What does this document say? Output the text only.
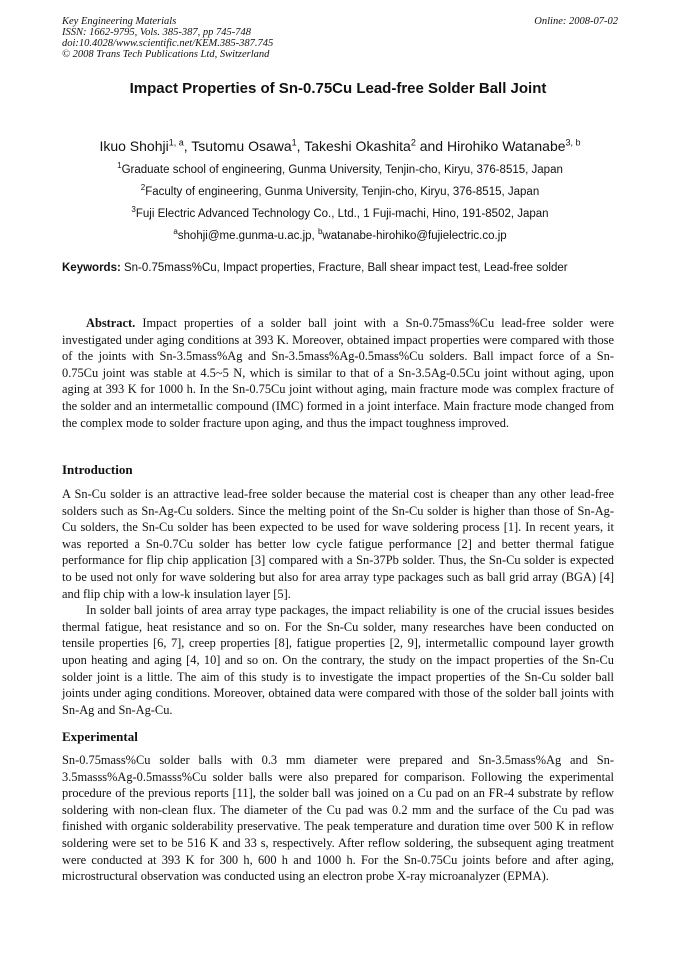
Key Engineering Materials
ISSN: 1662-9795, Vols. 385-387, pp 745-748
doi:10.4028/www.scientific.net/KEM.385-387.745
© 2008 Trans Tech Publications Ltd, Switzerland
Online: 2008-07-02
Impact Properties of Sn-0.75Cu Lead-free Solder Ball Joint
Ikuo Shohji$^{1, a}$, Tsutomu Osawa$^1$, Takeshi Okashita$^2$ and Hirohiko Watanabe$^{3, b}$
$^1$Graduate school of engineering, Gunma University, Tenjin-cho, Kiryu, 376-8515, Japan
$^2$Faculty of engineering, Gunma University, Tenjin-cho, Kiryu, 376-8515, Japan
$^3$Fuji Electric Advanced Technology Co., Ltd., 1 Fuji-machi, Hino, 191-8502, Japan
$^a$shohji@me.gunma-u.ac.jp, $^b$watanabe-hirohiko@fujielectric.co.jp
Keywords: Sn-0.75mass%Cu, Impact properties, Fracture, Ball shear impact test, Lead-free solder

Abstract. Impact properties of a solder ball joint with a Sn-0.75mass%Cu lead-free solder were investigated under aging conditions at 393 K. Moreover, obtained impact properties were compared with those of the joints with Sn-3.5mass%Ag and Sn-3.5mass%Ag-0.5mass%Cu solders. Ball impact force of a Sn-0.75Cu joint was stable at 4.5~5 N, which is similar to that of a Sn-3.5Ag-0.5Cu joint without aging, upon aging at 393 K for 1000 h. In the Sn-0.75Cu joint without aging, main fracture mode was complex fracture of the solder and an intermetallic compound (IMC) formed in a joint interface. Main fracture mode changed from the complex mode to solder fracture upon aging, and thus the impact toughness improved.

Introduction

A Sn-Cu solder is an attractive lead-free solder because the material cost is cheaper than any other lead-free solders such as Sn-Ag-Cu solders. Since the melting point of the Sn-Cu solder is higher than those of Sn-Ag-Cu solders, the Sn-Cu solder has been expected to be used for wave soldering process [1]. In recent years, it was reported a Sn-0.7Cu solder has better low cycle fatigue performance [2] and better thermal fatigue performance for flip chip application [3] compared with a Sn-37Pb solder. Thus, the Sn-Cu solder is expected to be used not only for wave soldering but also for area array type packages such as ball grid array (BGA) [4] and flip chip with a low-k insulation layer [5].

In solder ball joints of area array type packages, the impact reliability is one of the crucial issues besides thermal fatigue, heat resistance and so on. For the Sn-Cu solder, many researches have been conducted on tensile properties [6, 7], creep properties [8], fatigue properties [2, 9], intermetallic compound layer growth upon heating and aging [4, 10] and so on. On the contrary, the study on the impact properties of the Sn-Cu solder joint is a little. The aim of this study is to investigate the impact properties of the Sn-Cu solder ball joints under aging conditions. Moreover, obtained data were compared with those of the solder ball joints with Sn-Ag and Sn-Ag-Cu.

Experimental

Sn-0.75mass%Cu solder balls with 0.3 mm diameter were prepared and Sn-3.5mass%Ag and Sn-3.5masss%Ag-0.5masss%Cu solder balls were also prepared for comparison. Following the experimental procedure of the previous reports [11], the solder ball was joined on a Cu pad on an FR-4 substrate by reflow soldering with non-clean flux. The diameter of the Cu pad was 0.2 mm and the surface of the Cu pad was finished with organic solderability preservative. The peak temperature and duration time over 500 K in reflow soldering were set to be 516 K and 33 s, respectively. After reflow soldering, the subsequent aging treatment were conducted at 393 K for 300 h, 600 h and 1000 h. For the Sn-0.75Cu joints before and after aging, microstructural observation was conducted using an electron probe X-ray microanalyzer (EPMA).
